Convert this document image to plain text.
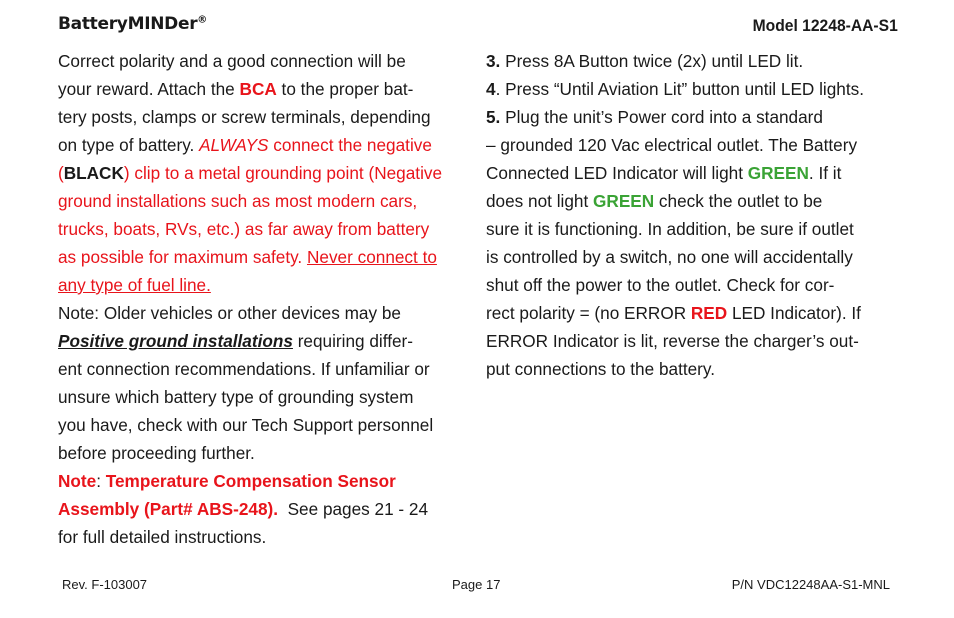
BatteryMINDer®	Model 12248-AA-S1
Correct polarity and a good connection will be
your reward. Attach the BCA to the proper bat-
tery posts, clamps or screw terminals, depending
on type of battery. ALWAYS connect the negative
(BLACK) clip to a metal grounding point (Negative
ground installations such as most modern cars,
trucks, boats, RVs, etc.) as far away from battery
as possible for maximum safety. Never connect to
any type of fuel line.
Note: Older vehicles or other devices may be
Positive ground installations requiring differ-
ent connection recommendations. If unfamiliar or
unsure which battery type of grounding system
you have, check with our Tech Support personnel
before proceeding further.
Note: Temperature Compensation Sensor
Assembly (Part# ABS-248).  See pages 21 - 24
for full detailed instructions.
3. Press 8A Button twice (2x) until LED lit.
4. Press “Until Aviation Lit” button until LED lights.
5. Plug the unit’s Power cord into a standard
– grounded 120 Vac electrical outlet. The Battery
Connected LED Indicator will light GREEN. If it
does not light GREEN check the outlet to be
sure it is functioning. In addition, be sure if outlet
is controlled by a switch, no one will accidentally
shut off the power to the outlet. Check for cor-
rect polarity = (no ERROR RED LED Indicator). If
ERROR Indicator is lit, reverse the charger’s out-
put connections to the battery.
Rev. F-103007	Page 17	P/N VDC12248AA-S1-MNL
